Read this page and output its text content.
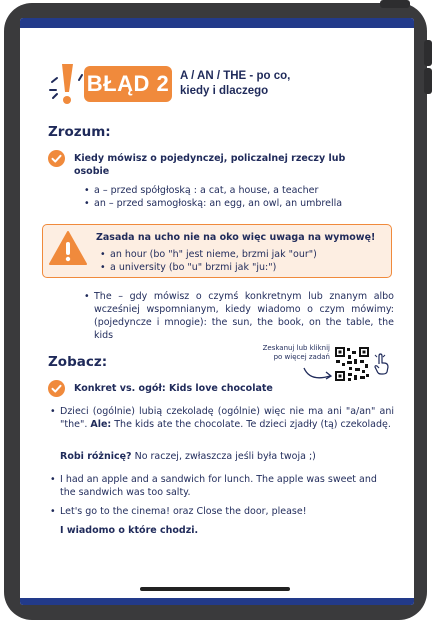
BŁĄD 2 A / AN / THE - po co,
kiedy i dlaczego
Zrozum:
Kiedy mówisz o pojedynczej, policzalnej rzeczy lub osobie
• a – przed spółgłoską : a cat, a house, a teacher
• an – przed samogłoską: an egg, an owl, an umbrella
Zasada na ucho nie na oko więc uwaga na wymowę!
• an hour (bo "h" jest nieme, brzmi jak "our")
• a university (bo "u" brzmi jak "ju:")
• The – gdy mówisz o czymś konkretnym lub znanym albo wcześniej wspomnianym, kiedy wiadomo o czym mówimy: (pojedyncze i mnogie): the sun, the book, on the table, the kids
Zeskanuj lub kliknij
po więcej zadań
Zobacz:
Konkret vs. ogół: Kids love chocolate
• Dzieci (ogólnie) lubią czekoladę (ogólnie) więc nie ma ani "a/an" ani "the". Ale: The kids ate the chocolate. Te dzieci zjadły (tą) czekoladę.
Robi różnicę? No raczej, zwłaszcza jeśli była twoja ;)
• I had an apple and a sandwich for lunch. The apple was sweet and the sandwich was too salty.
• Let's go to the cinema! oraz Close the door, please!
I wiadomo o które chodzi.
